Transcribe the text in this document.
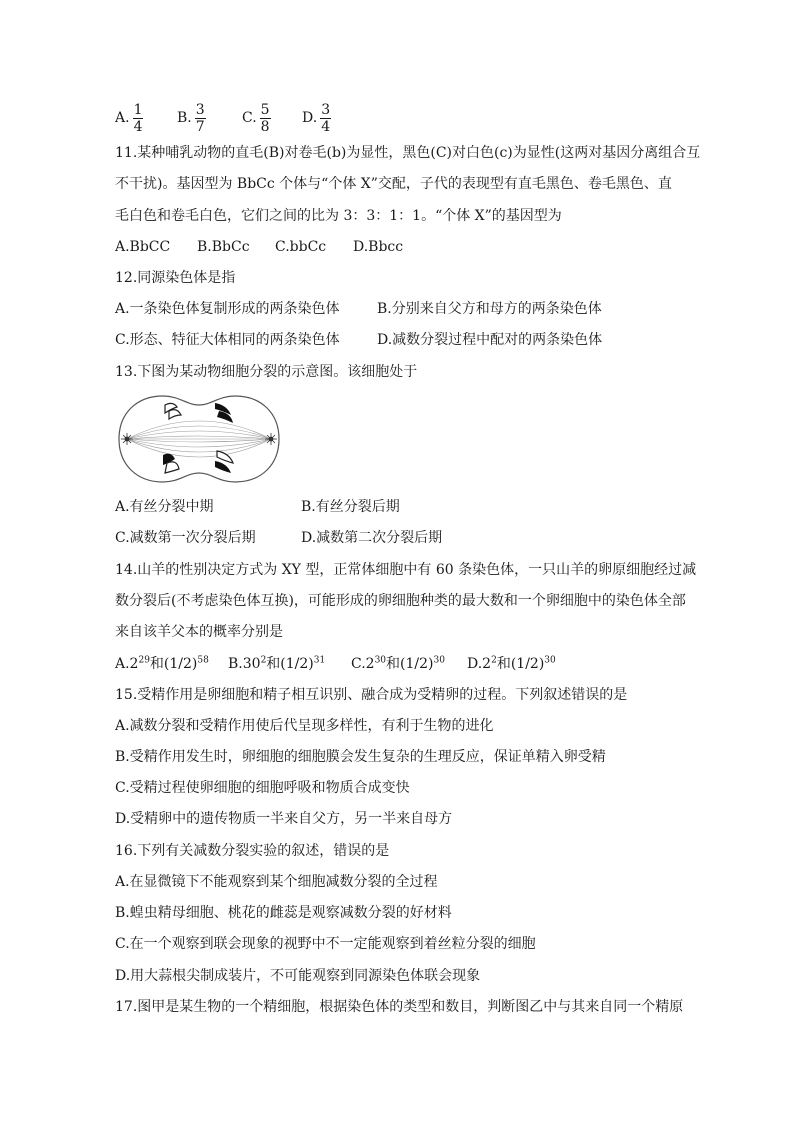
A. $\frac{1}{4} B$. $\frac{3}{7}$	C. $\frac{5}{8} D$. $\frac{3}{4}$
11.某种哺乳动物的直毛(B)对卷毛(b)为显性，黑色(C)对白色(c)为显性(这两对基因分离组合互
不干扰)。基因型为 BbCc 个体与“个体 X”交配，子代的表现型有直毛黑色、卷毛黑色、直
毛白色和卷毛白色，它们之间的比为 3：3：1：1。“个体 X”的基因型为
A.BbCC B.BbCc C.bbCc D.Bbcc
12.同源染色体是指
A.一条染色体复制形成的两条染色体	B.分别来自父方和母方的两条染色体
C.形态、特征大体相同的两条染色体	D.减数分裂过程中配对的两条染色体
13.下图为某动物细胞分裂的示意图。该细胞处于
A.有丝分裂中期	B.有丝分裂后期
C.减数第一次分裂后期	D.减数第二次分裂后期
14.山羊的性别决定方式为 XY 型，正常体细胞中有 60 条染色体，一只山羊的卵原细胞经过减
数分裂后(不考虑染色体互换)，可能形成的卵细胞种类的最大数和一个卵细胞中的染色体全部
来自该羊父本的概率分别是
$A.2^{29}$和$(1/2)^{58}$ $B.30^2$和$(1/2)^{31}$ $C.2^{30}$和$(1/2)^{30}$ $D.2^2$和$(1/2)^{30}$
15.受精作用是卵细胞和精子相互识别、融合成为受精卵的过程。下列叙述错误的是
A.减数分裂和受精作用使后代呈现多样性，有利于生物的进化
B.受精作用发生时，卵细胞的细胞膜会发生复杂的生理反应，保证单精入卵受精
C.受精过程使卵细胞的细胞呼吸和物质合成变快
D.受精卵中的遗传物质一半来自父方，另一半来自母方
16.下列有关减数分裂实验的叙述，错误的是
A.在显微镜下不能观察到某个细胞减数分裂的全过程
B.蝗虫精母细胞、桃花的雌蕊是观察减数分裂的好材料
C.在一个观察到联会现象的视野中不一定能观察到着丝粒分裂的细胞
D.用大蒜根尖制成装片，不可能观察到同源染色体联会现象
17.图甲是某生物的一个精细胞，根据染色体的类型和数目，判断图乙中与其来自同一个精原
